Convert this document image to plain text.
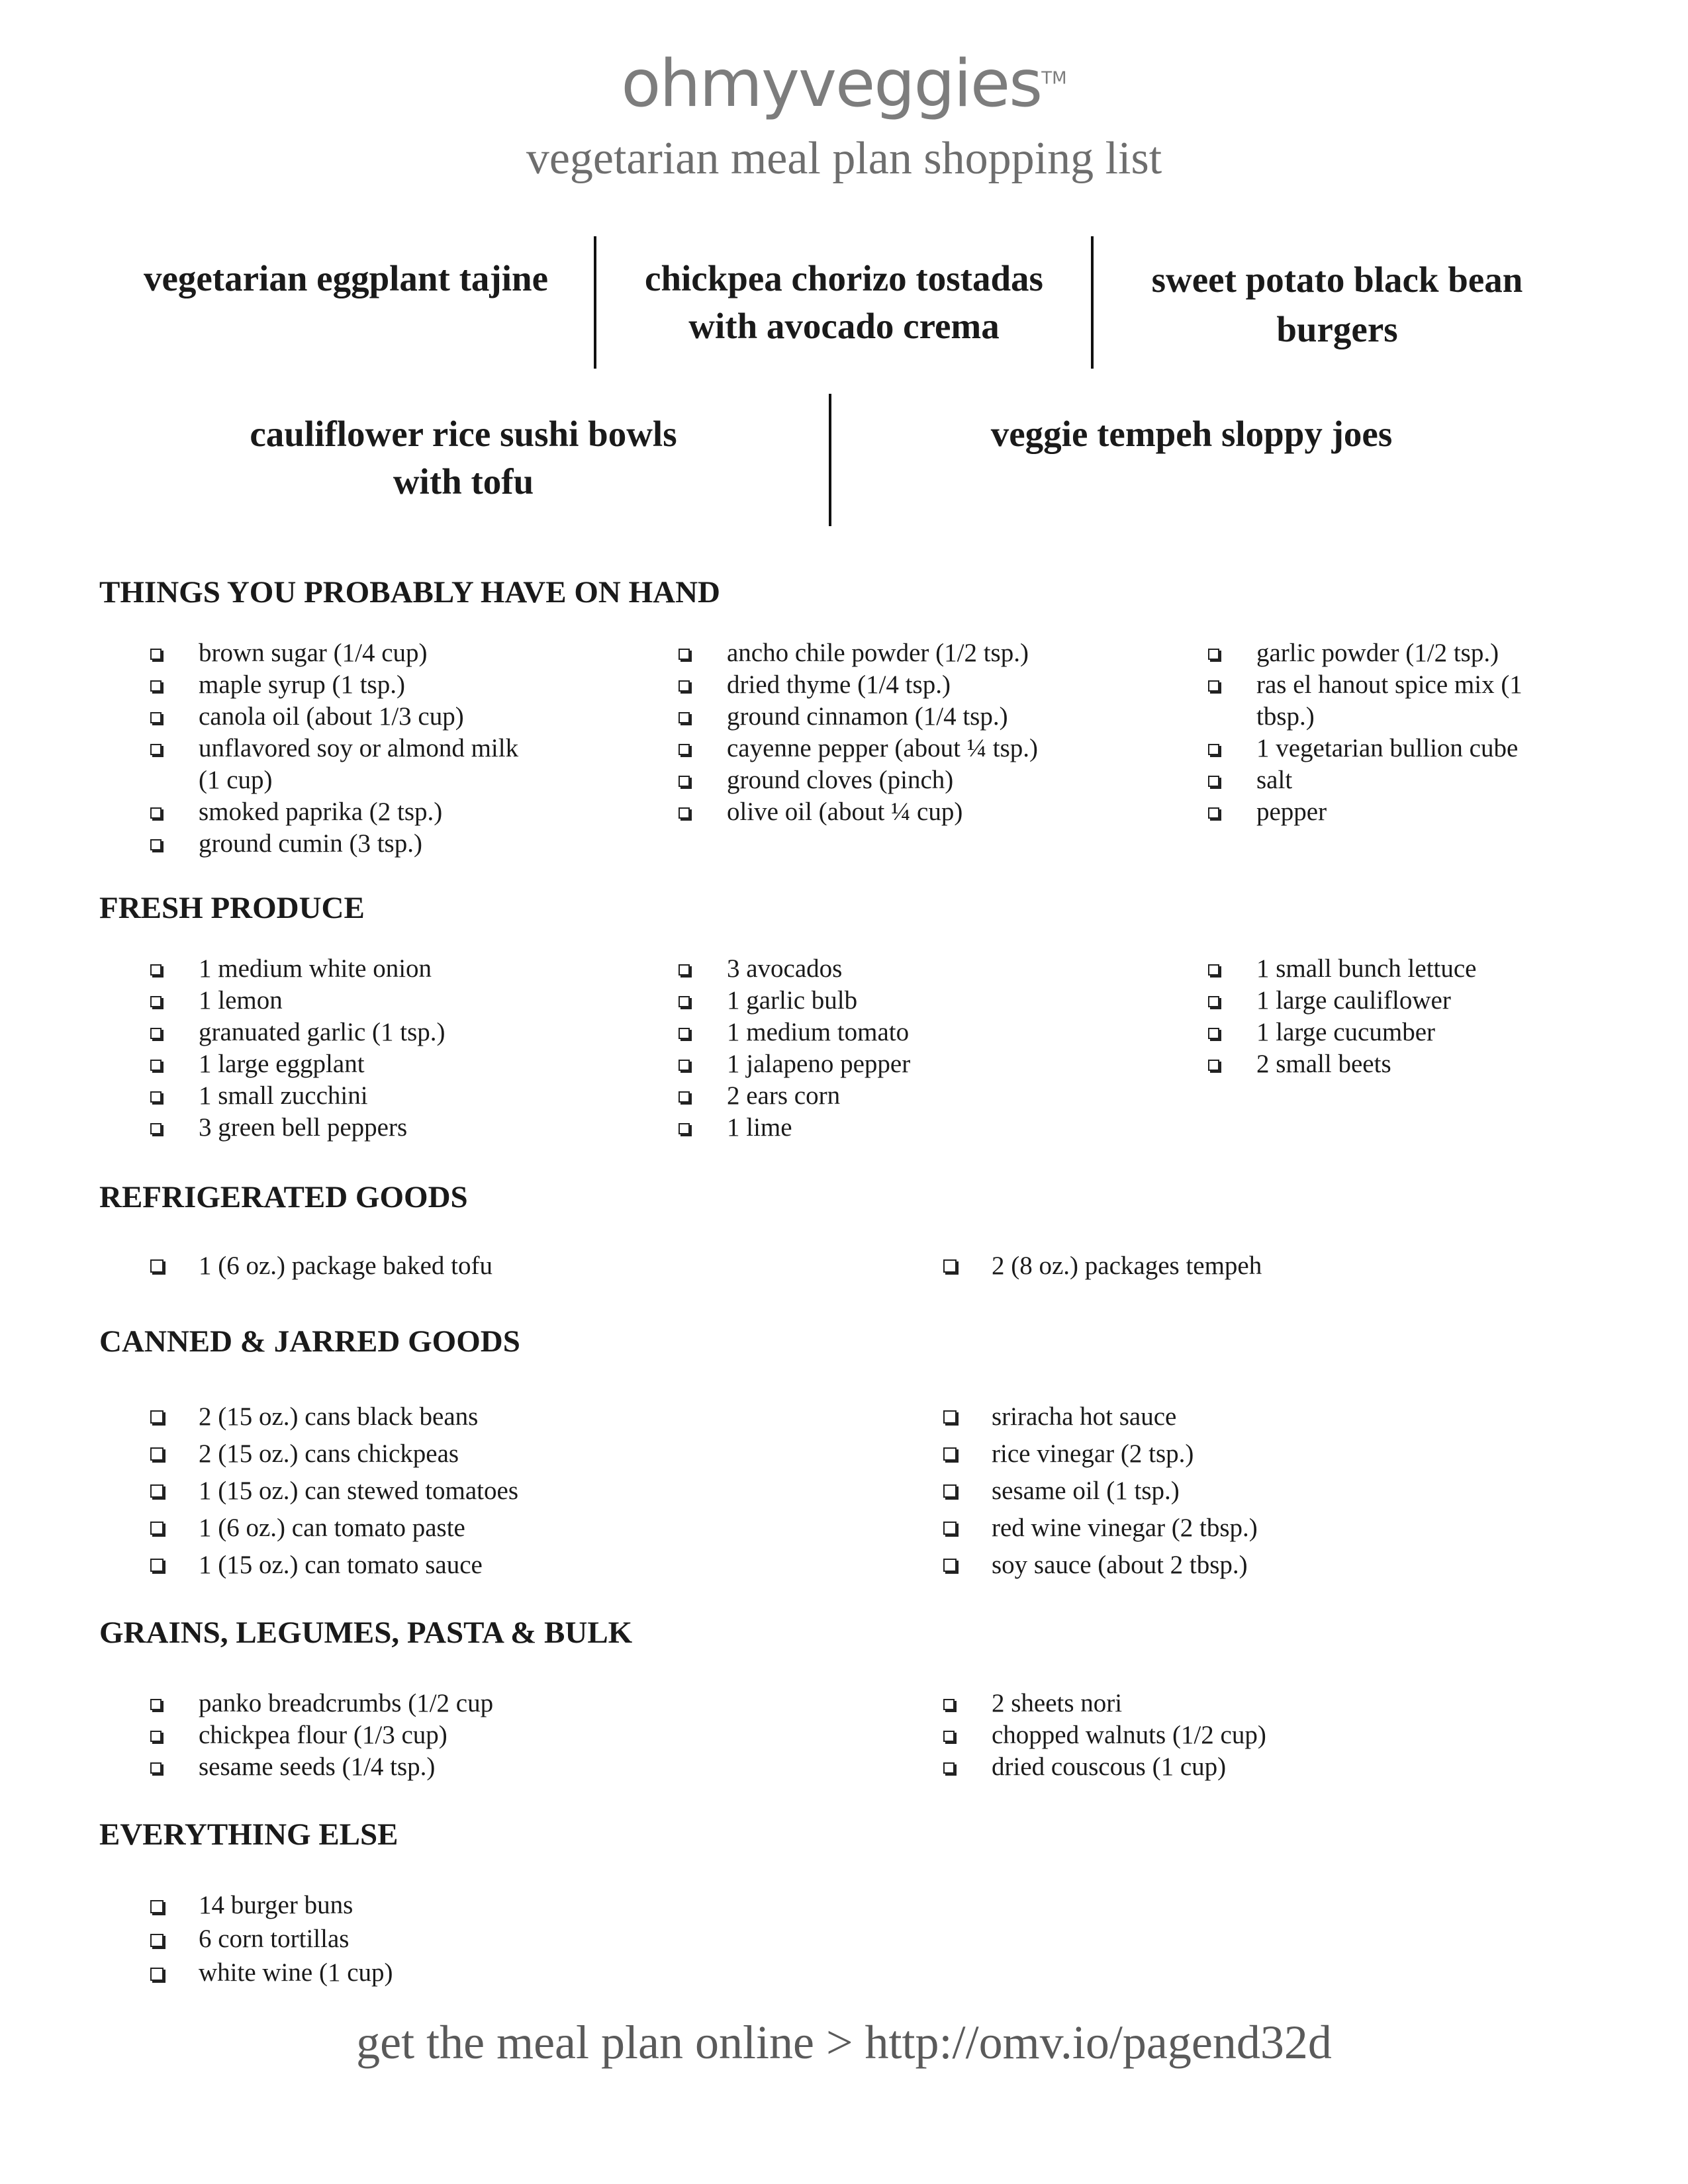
ohmyveggies™
vegetarian meal plan shopping list
vegetarian eggplant tajine	chickpea chorizo tostadas
with avocado crema
sweet potato black bean
burgers
cauliflower rice sushi bowls
with tofu
veggie tempeh sloppy joes
THINGS YOU PROBABLY HAVE ON HAND
brown sugar (1/4 cup)
maple syrup (1 tsp.)
canola oil (about 1/3 cup)
unflavored soy or almond milk (1 cup)
smoked paprika (2 tsp.)
ground cumin (3 tsp.)
ancho chile powder (1/2 tsp.)
dried thyme (1/4 tsp.)
ground cinnamon (1/4 tsp.)
cayenne pepper (about ¼ tsp.)
ground cloves (pinch)
olive oil (about ¼ cup)
garlic powder (1/2 tsp.)
ras el hanout spice mix (1 tbsp.)
1 vegetarian bullion cube
salt
pepper
FRESH PRODUCE
1 medium white onion
1 lemon
granuated garlic (1 tsp.)
1 large eggplant
1 small zucchini
3 green bell peppers
3 avocados
1 garlic bulb
1 medium tomato
1 jalapeno pepper
2 ears corn
1 lime
1 small bunch lettuce
1 large cauliflower
1 large cucumber
2 small beets
REFRIGERATED GOODS
1 (6 oz.) package baked tofu	2 (8 oz.) packages tempeh
CANNED & JARRED GOODS
2 (15 oz.) cans black beans
2 (15 oz.) cans chickpeas
1 (15 oz.) can stewed tomatoes
1 (6 oz.) can tomato paste
1 (15 oz.) can tomato sauce
sriracha hot sauce
rice vinegar (2 tsp.)
sesame oil (1 tsp.)
red wine vinegar (2 tbsp.)
soy sauce (about 2 tbsp.)
GRAINS, LEGUMES, PASTA & BULK
panko breadcrumbs (1/2 cup
chickpea flour (1/3 cup)
sesame seeds (1/4 tsp.)
2 sheets nori
chopped walnuts (1/2 cup)
dried couscous (1 cup)
EVERYTHING ELSE
14 burger buns
6 corn tortillas
white wine (1 cup)
get the meal plan online > http://omv.io/pagend32d
